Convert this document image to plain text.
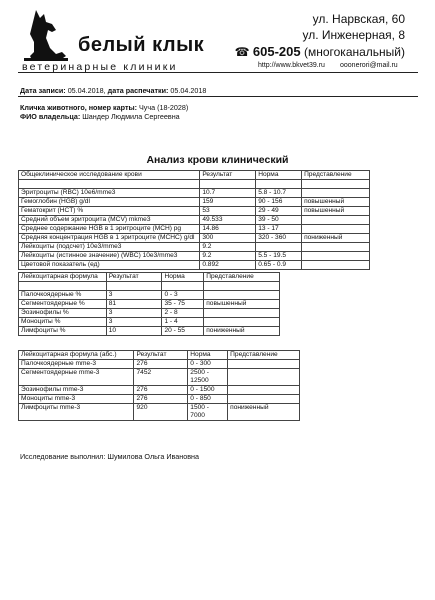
белый клык
ветеринарные клиники
ул. Нарвская, 60
ул. Инженерная, 8
☎ 605-205 (многоканальный)
http://www.bkvet39.ru ooonerori@mail.ru
Дата записи: 05.04.2018, дата распечатки: 05.04.2018
Кличка животного, номер карты: Чуча (18-2028)
ФИО владельца: Шандер Людмила Сергеевна
Анализ крови клинический
Общеклиническое исследование крови	Результат	Норма	Представление

Эритроциты (RBC) 10е6/mme3	10.7	5.8 - 10.7	
Гемоглобин (HGB) g/dl	159	90 - 156	повышенный
Гематокрит (HCT) %	53	29 - 49	повышенный
Средний объем эритроцита (MCV) mkme3	49.533	39 - 50	
Среднее содержание HGB в 1 эритроците (MCH) pg	14.86	13 - 17	
Средняя концентрация HGB в 1 эритроците (MCHC) g/dl	300	320 - 360	пониженный
Лейкоциты (подсчет) 10е3/mme3	9.2		
Лейкоциты (истинное значение) (WBC) 10е3/mme3	9.2	5.5 - 19.5	
Цветовой показатель (ед)	0.892	0.65 - 0.9	
Лейкоцитарная формула	Результат	Норма	Представление

Палочкоядерные %	3	0 - 3	
Сегментоядерные %	81	35 - 75	повышенный
Эозинофилы %	3	2 - 8	
Моноциты %	3	1 - 4	
Лимфоциты %	10	20 - 55	пониженный
Лейкоцитарная формула (абс.)	Результат	Норма	Представление
Палочкоядерные mme-3	276	0 - 300	
Сегментоядерные mme-3	7452	2500 - 12500	
Эозинофилы mme-3	276	0 - 1500	
Моноциты mme-3	276	0 - 850	
Лимфоциты mme-3	920	1500 - 7000	пониженный
Исследование выполнил: Шумилова Ольга Ивановна
